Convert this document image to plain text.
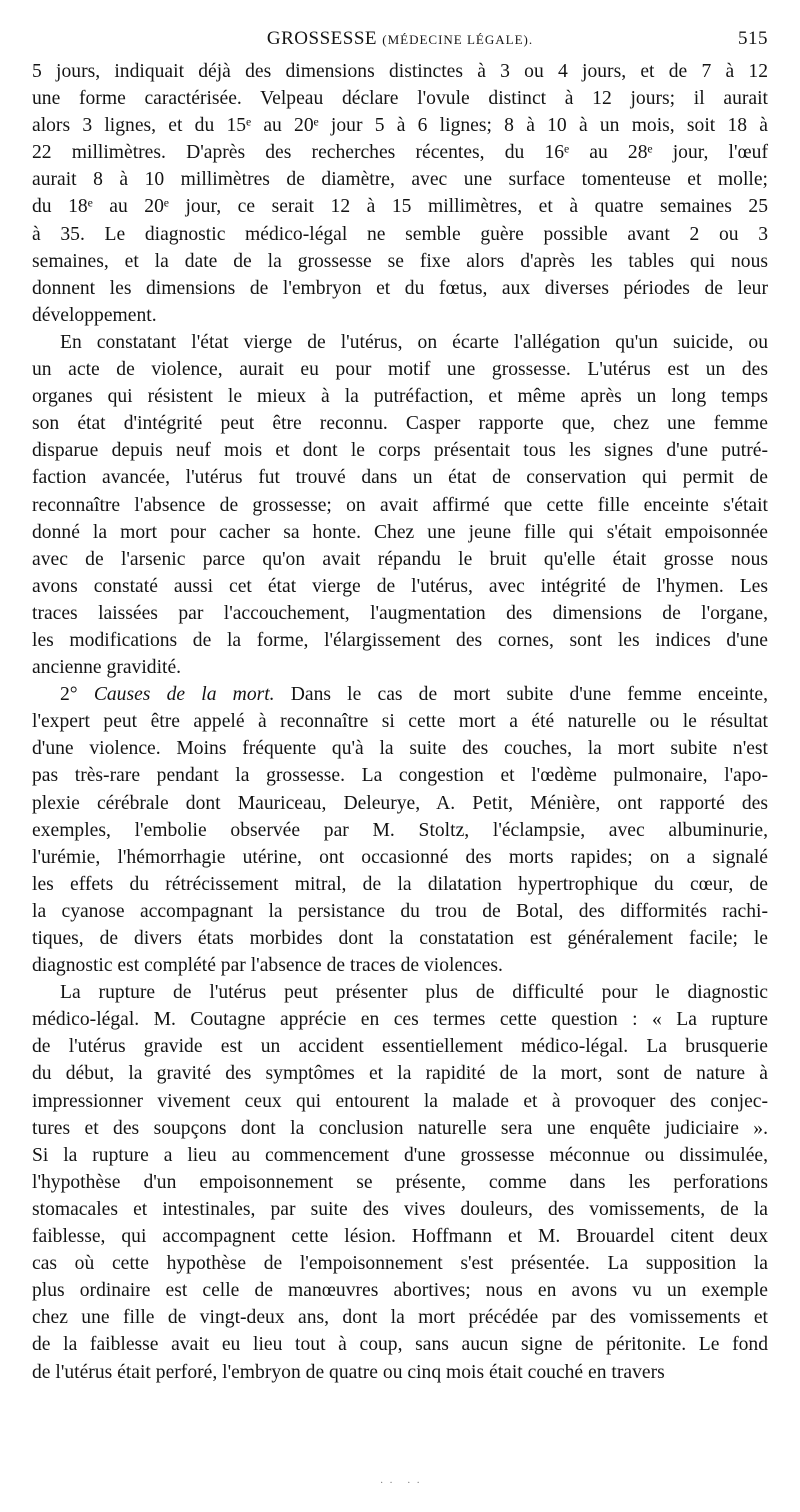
GROSSESSE (MÉDECINE LÉGALE).	515

5 jours, indiquait déjà des dimensions distinctes à 3 ou 4 jours, et de 7 à 12

une forme caractérisée. Velpeau déclare l'ovule distinct à 12 jours; il aurait

alors 3 lignes, et du 15ᵉ au 20ᵉ jour 5 à 6 lignes; 8 à 10 à un mois, soit 18 à

22 millimètres. D'après des recherches récentes, du 16ᵉ au 28ᵉ jour, l'œuf

aurait 8 à 10 millimètres de diamètre, avec une surface tomenteuse et molle;

du 18ᵉ au 20ᵉ jour, ce serait 12 à 15 millimètres, et à quatre semaines 25

à 35. Le diagnostic médico-légal ne semble guère possible avant 2 ou 3

semaines, et la date de la grossesse se fixe alors d'après les tables qui nous

donnent les dimensions de l'embryon et du fœtus, aux diverses périodes de leur

développement.

En constatant l'état vierge de l'utérus, on écarte l'allégation qu'un suicide, ou

un acte de violence, aurait eu pour motif une grossesse. L'utérus est un des

organes qui résistent le mieux à la putréfaction, et même après un long temps

son état d'intégrité peut être reconnu. Casper rapporte que, chez une femme

disparue depuis neuf mois et dont le corps présentait tous les signes d'une putré-

faction avancée, l'utérus fut trouvé dans un état de conservation qui permit de

reconnaître l'absence de grossesse; on avait affirmé que cette fille enceinte s'était

donné la mort pour cacher sa honte. Chez une jeune fille qui s'était empoisonnée

avec de l'arsenic parce qu'on avait répandu le bruit qu'elle était grosse nous

avons constaté aussi cet état vierge de l'utérus, avec intégrité de l'hymen. Les

traces laissées par l'accouchement, l'augmentation des dimensions de l'organe,

les modifications de la forme, l'élargissement des cornes, sont les indices d'une

ancienne gravidité.

2° Causes de la mort. Dans le cas de mort subite d'une femme enceinte,

l'expert peut être appelé à reconnaître si cette mort a été naturelle ou le résultat

d'une violence. Moins fréquente qu'à la suite des couches, la mort subite n'est

pas très-rare pendant la grossesse. La congestion et l'œdème pulmonaire, l'apo-

plexie cérébrale dont Mauriceau, Deleurye, A. Petit, Ménière, ont rapporté des

exemples, l'embolie observée par M. Stoltz, l'éclampsie, avec albuminurie,

l'urémie, l'hémorrhagie utérine, ont occasionné des morts rapides; on a signalé

les effets du rétrécissement mitral, de la dilatation hypertrophique du cœur, de

la cyanose accompagnant la persistance du trou de Botal, des difformités rachi-

tiques, de divers états morbides dont la constatation est généralement facile; le

diagnostic est complété par l'absence de traces de violences.

La rupture de l'utérus peut présenter plus de difficulté pour le diagnostic

médico-légal. M. Coutagne apprécie en ces termes cette question : « La rupture

de l'utérus gravide est un accident essentiellement médico-légal. La brusquerie

du début, la gravité des symptômes et la rapidité de la mort, sont de nature à

impressionner vivement ceux qui entourent la malade et à provoquer des conjec-

tures et des soupçons dont la conclusion naturelle sera une enquête judiciaire ».

Si la rupture a lieu au commencement d'une grossesse méconnue ou dissimulée,

l'hypothèse d'un empoisonnement se présente, comme dans les perforations

stomacales et intestinales, par suite des vives douleurs, des vomissements, de la

faiblesse, qui accompagnent cette lésion. Hoffmann et M. Brouardel citent deux

cas où cette hypothèse de l'empoisonnement s'est présentée. La supposition la

plus ordinaire est celle de manœuvres abortives; nous en avons vu un exemple

chez une fille de vingt-deux ans, dont la mort précédée par des vomissements et

de la faiblesse avait eu lieu tout à coup, sans aucun signe de péritonite. Le fond

de l'utérus était perforé, l'embryon de quatre ou cinq mois était couché en travers

·· ··
